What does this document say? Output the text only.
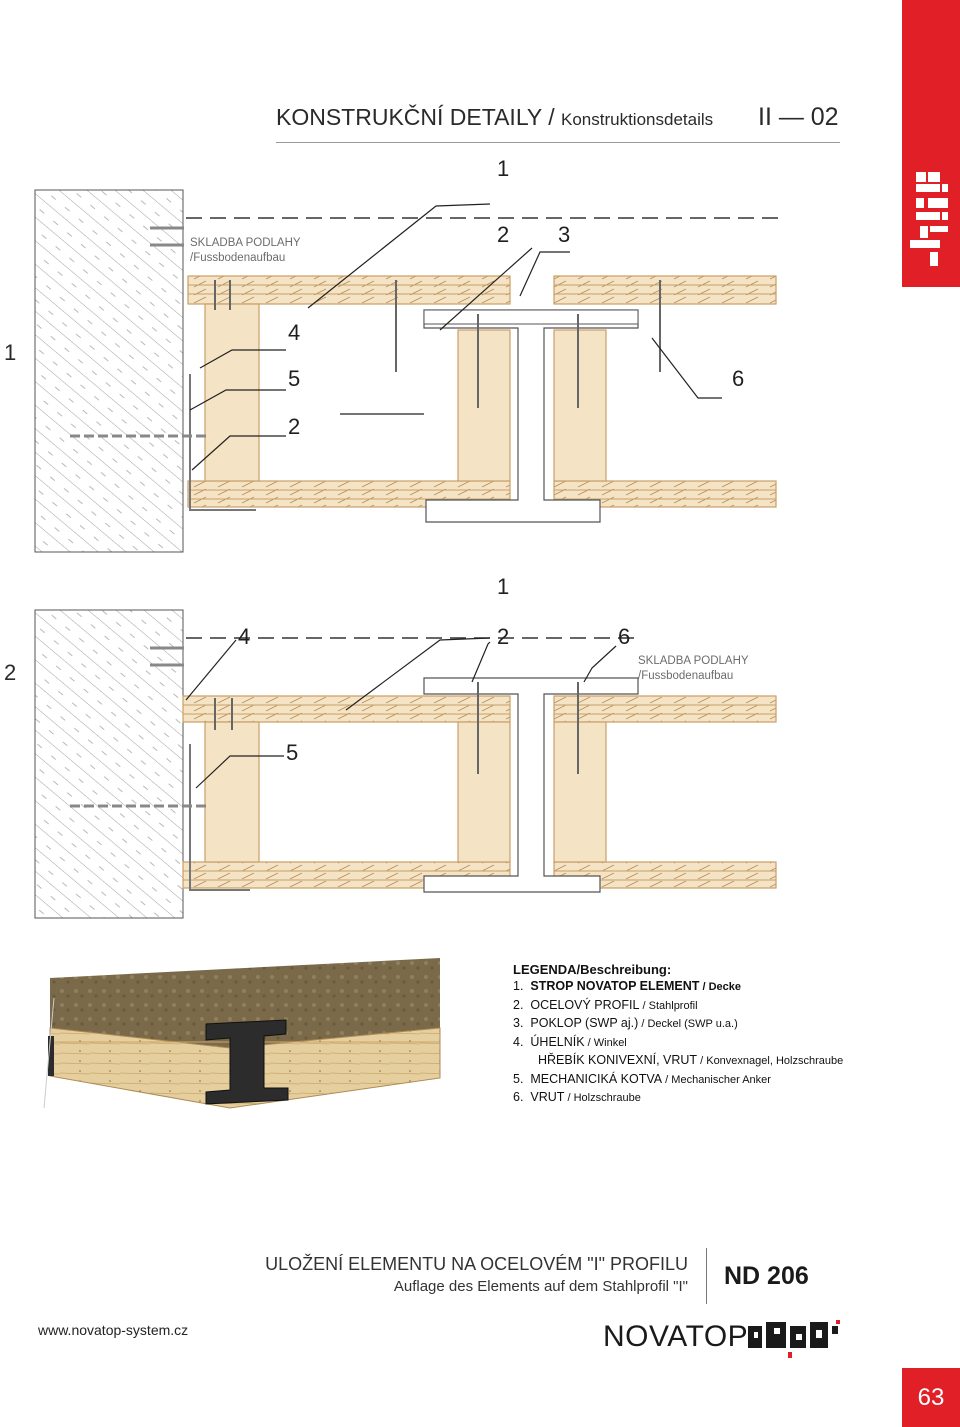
KONSTRUKČNÍ DETAILY / Konstruktionsdetails II — 02
1
SKLADBA PODLAHY
/Fussbodenaufbau
1
2 3
4
5
2
6
2	SKLADBA PODLAHY
/Fussbodenaufbau
1
4	2	6
5
LEGENDA/Beschreibung:
1. STROP NOVATOP ELEMENT / Decke
2. OCELOVÝ PROFIL / Stahlprofil
3. POKLOP (SWP aj.) / Deckel (SWP u.a.)
4. ÚHELNÍK / Winkel
HŘEBÍK KONIVEXNÍ, VRUT / Konvexnagel, Holzschraube
5. MECHANICIKÁ KOTVA / Mechanischer Anker
6. VRUT / Holzschraube
ULOŽENÍ ELEMENTU NA OCELOVÉM "I" PROFILU
Auflage des Elements auf dem Stahlprofil "I" ND 206
www.novatop-system.cz	NOVATOP
63
